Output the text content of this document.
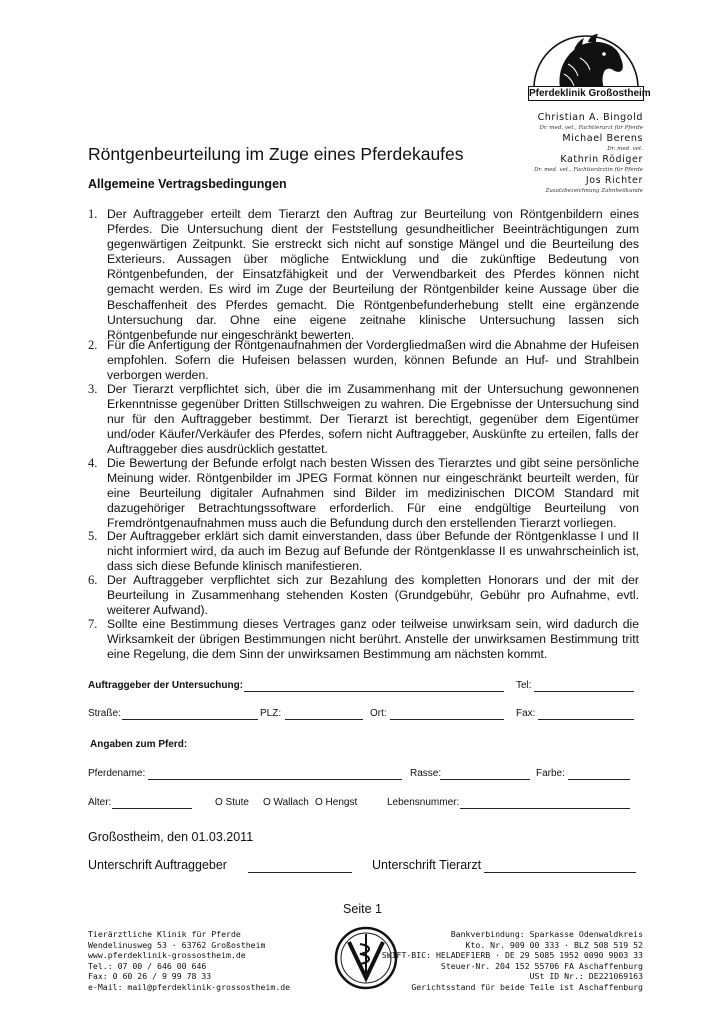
Pferdeklinik Großostheim
Christian A. Bingold
Dr. med. vet., Fachtierarzt für Pferde
Michael Berens
Dr. med. vet.
Kathrin Rödiger
Dr. med. vet., Fachtierärztin für Pferde
Jos Richter
Zusatzbezeichnung Zahnheilkunde
Röntgenbeurteilung im Zuge eines Pferdekaufes
Allgemeine Vertragsbedingungen
1. Der Auftraggeber erteilt dem Tierarzt den Auftrag zur Beurteilung von Röntgenbildern eines Pferdes. Die Untersuchung dient der Feststellung gesundheitlicher Beeinträchtigungen zum gegenwärtigen Zeitpunkt. Sie erstreckt sich nicht auf sonstige Mängel und die Beurteilung des Exterieurs. Aussagen über mögliche Entwicklung und die zukünftige Bedeutung von Röntgenbefunden, der Einsatzfähigkeit und der Verwendbarkeit des Pferdes können nicht gemacht werden. Es wird im Zuge der Beurteilung der Röntgenbilder keine Aussage über die Beschaffenheit des Pferdes gemacht. Die Röntgenbefunderhebung stellt eine ergänzende Untersuchung dar. Ohne eine eigene zeitnahe klinische Untersuchung lassen sich Röntgenbefunde nur eingeschränkt bewerten.
2. Für die Anfertigung der Röntgenaufnahmen der Vordergliedmaßen wird die Abnahme der Hufeisen empfohlen. Sofern die Hufeisen belassen wurden, können Befunde an Huf- und Strahlbein verborgen werden.
3. Der Tierarzt verpflichtet sich, über die im Zusammenhang mit der Untersuchung gewonnenen Erkenntnisse gegenüber Dritten Stillschweigen zu wahren. Die Ergebnisse der Untersuchung sind nur für den Auftraggeber bestimmt. Der Tierarzt ist berechtigt, gegenüber dem Eigentümer und/oder Käufer/Verkäufer des Pferdes, sofern nicht Auftraggeber, Auskünfte zu erteilen, falls der Auftraggeber dies ausdrücklich gestattet.
4. Die Bewertung der Befunde erfolgt nach besten Wissen des Tierarztes und gibt seine persönliche Meinung wider. Röntgenbilder im JPEG Format können nur eingeschränkt beurteilt werden, für eine Beurteilung digitaler Aufnahmen sind Bilder im medizinischen DICOM Standard mit dazugehöriger Betrachtungssoftware erforderlich. Für eine endgültige Beurteilung von Fremdröntgenaufnahmen muss auch die Befundung durch den erstellenden Tierarzt vorliegen.
5. Der Auftraggeber erklärt sich damit einverstanden, dass über Befunde der Röntgenklasse I und II nicht informiert wird, da auch im Bezug auf Befunde der Röntgenklasse II es unwahrscheinlich ist, dass sich diese Befunde klinisch manifestieren.
6. Der Auftraggeber verpflichtet sich zur Bezahlung des kompletten Honorars und der mit der Beurteilung in Zusammenhang stehenden Kosten (Grundgebühr, Gebühr pro Aufnahme, evtl. weiterer Aufwand).
7. Sollte eine Bestimmung dieses Vertrages ganz oder teilweise unwirksam sein, wird dadurch die Wirksamkeit der übrigen Bestimmungen nicht berührt. Anstelle der unwirksamen Bestimmung tritt eine Regelung, die dem Sinn der unwirksamen Bestimmung am nächsten kommt.
Auftraggeber der Untersuchung:	Tel:
Straße:	PLZ:	Ort:	Fax:
Angaben zum Pferd:
Pferdename:	Rasse:	Farbe:
Alter:	O Stute O Wallach O Hengst	Lebensnummer:
Großostheim, den 01.03.2011
Unterschrift Auftraggeber	Unterschrift Tierarzt
Seite 1
Tierärztliche Klinik für Pferde
Wendelinusweg 53 · 63762 Großostheim
www.pferdeklinik-grossostheim.de
Tel.: 07 00 / 646 00 646
Fax: 0 60 26 / 9 99 78 33
e-Mail: mail@pferdeklinik-grossostheim.de
Bankverbindung: Sparkasse Odenwaldkreis
Kto. Nr. 909 00 333 · BLZ 508 519 52
SWIFT-BIC: HELADEF1ERB · DE 29 5085 1952 0090 9003 33
Steuer-Nr. 204 152 55706 FA Aschaffenburg
USt ID Nr.: DE221069163
Gerichtsstand für beide Teile ist Aschaffenburg
